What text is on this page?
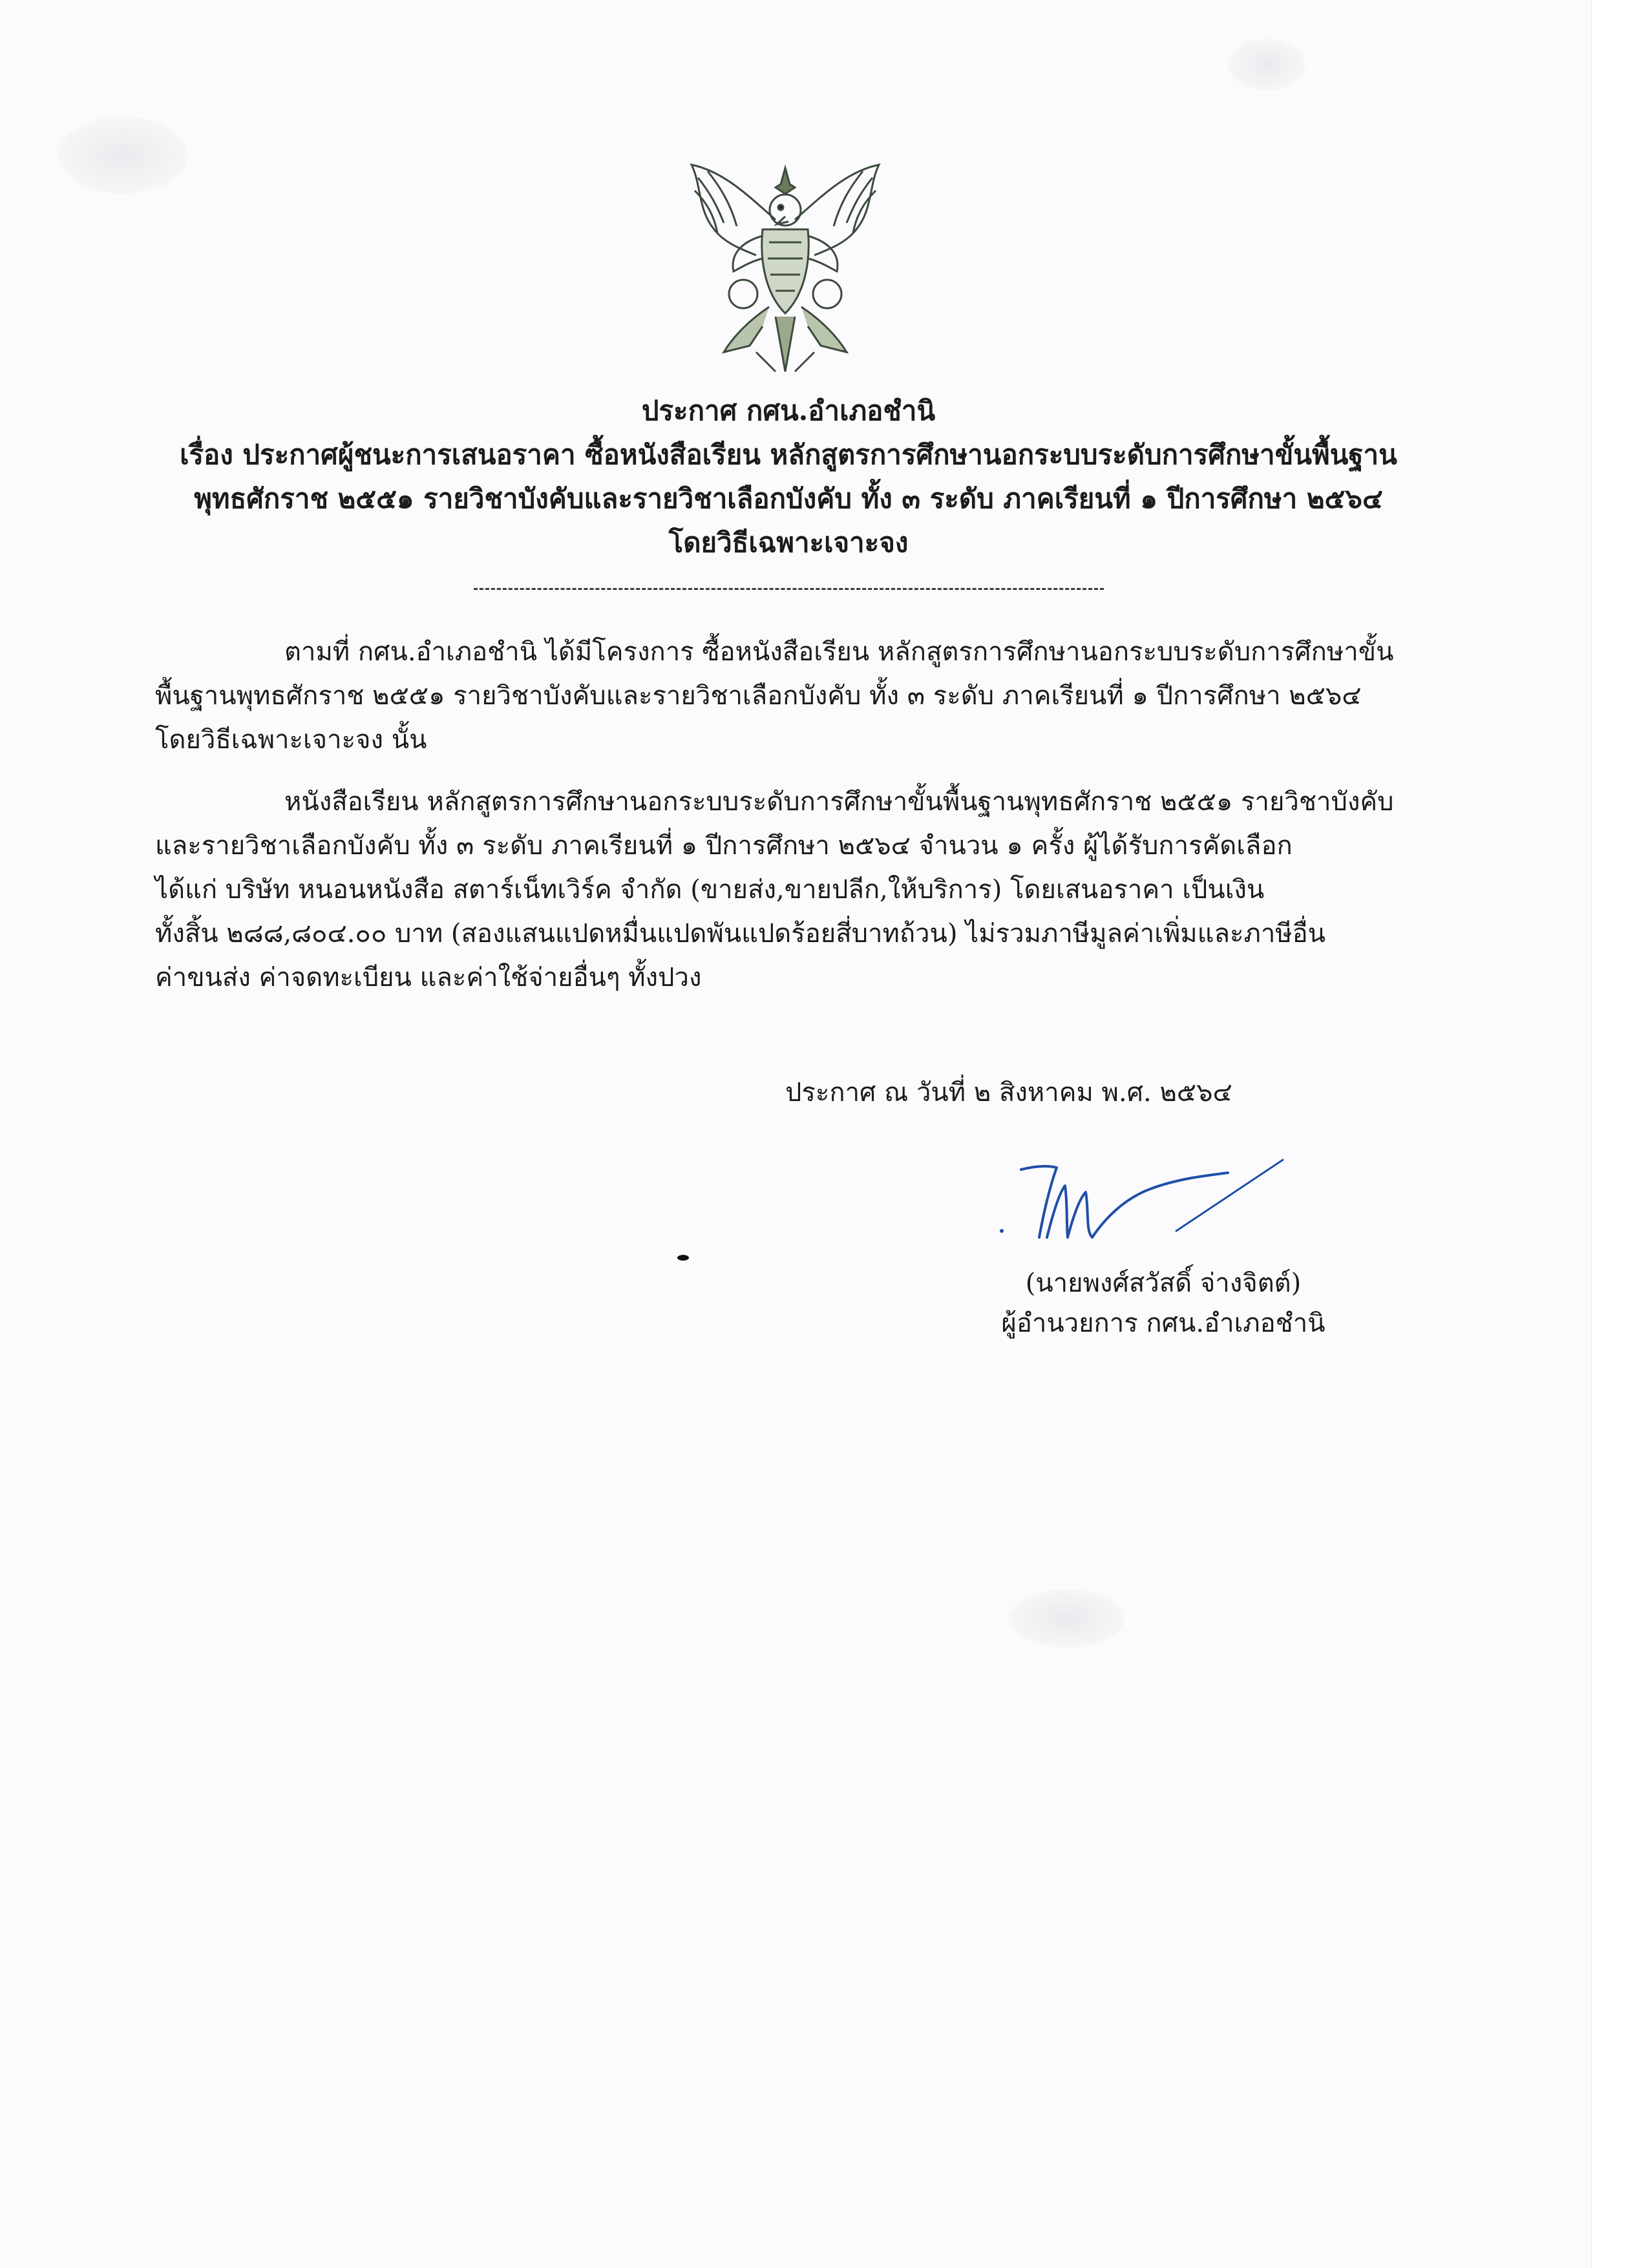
ประกาศ กศน.อำเภอชำนิ
เรื่อง ประกาศผู้ชนะการเสนอราคา ซื้อหนังสือเรียน หลักสูตรการศึกษานอกระบบระดับการศึกษาขั้นพื้นฐาน
พุทธศักราช ๒๕๕๑ รายวิชาบังคับและรายวิชาเลือกบังคับ ทั้ง ๓ ระดับ ภาคเรียนที่ ๑ ปีการศึกษา ๒๕๖๔
โดยวิธีเฉพาะเจาะจง
ตามที่ กศน.อำเภอชำนิ ได้มีโครงการ ซื้อหนังสือเรียน หลักสูตรการศึกษานอกระบบระดับการศึกษาขั้น
พื้นฐานพุทธศักราช ๒๕๕๑ รายวิชาบังคับและรายวิชาเลือกบังคับ ทั้ง ๓ ระดับ ภาคเรียนที่ ๑ ปีการศึกษา ๒๕๖๔
โดยวิธีเฉพาะเจาะจง นั้น
หนังสือเรียน หลักสูตรการศึกษานอกระบบระดับการศึกษาขั้นพื้นฐานพุทธศักราช ๒๕๕๑ รายวิชาบังคับ
และรายวิชาเลือกบังคับ ทั้ง ๓ ระดับ ภาคเรียนที่ ๑ ปีการศึกษา ๒๕๖๔ จำนวน ๑ ครั้ง ผู้ได้รับการคัดเลือก
ได้แก่ บริษัท หนอนหนังสือ สตาร์เน็ทเวิร์ค จำกัด (ขายส่ง,ขายปลีก,ให้บริการ) โดยเสนอราคา เป็นเงิน
ทั้งสิ้น ๒๘๘,๘๐๔.๐๐ บาท (สองแสนแปดหมื่นแปดพันแปดร้อยสี่บาทถ้วน) ไม่รวมภาษีมูลค่าเพิ่มและภาษีอื่น
ค่าขนส่ง ค่าจดทะเบียน และค่าใช้จ่ายอื่นๆ ทั้งปวง
ประกาศ ณ วันที่ ๒ สิงหาคม พ.ศ. ๒๕๖๔
(นายพงศ์สวัสดิ์ จ่างจิตต์)
ผู้อำนวยการ กศน.อำเภอชำนิ
